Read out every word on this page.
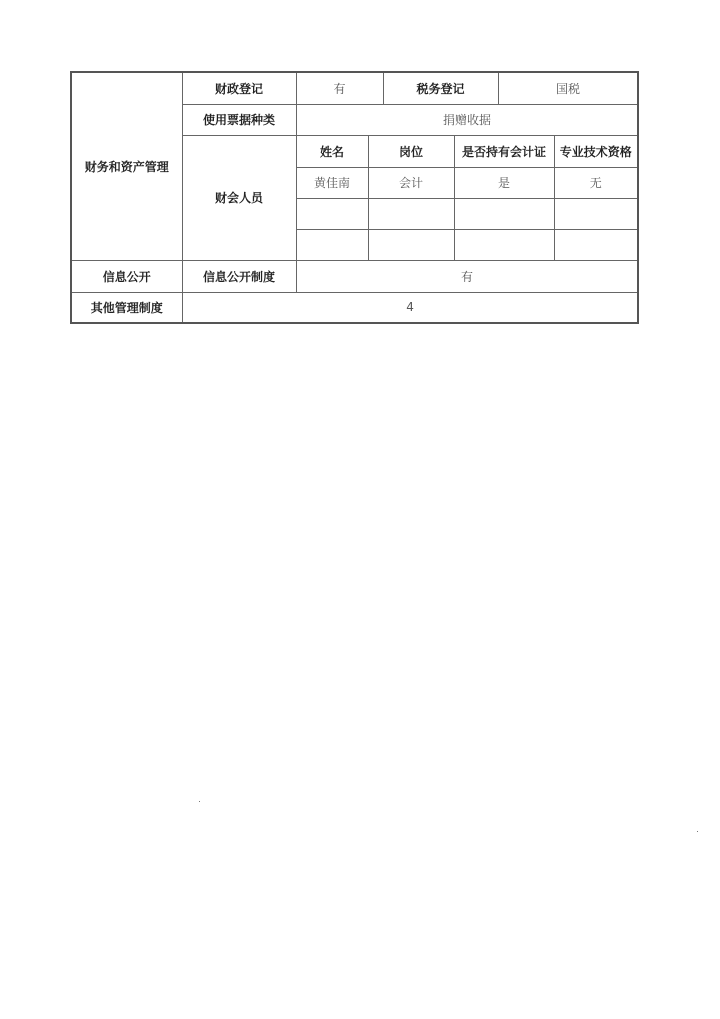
财务和资产管理	财政登记	有		税务登记		国税	
	使用票据种类	捐赠收据					
	财会人员	姓名	岗位		是否持有会计证		专业技术资格
		黄佳南	会计		是		无

信息公开	信息公开制度	有					
其他管理制度	4						
